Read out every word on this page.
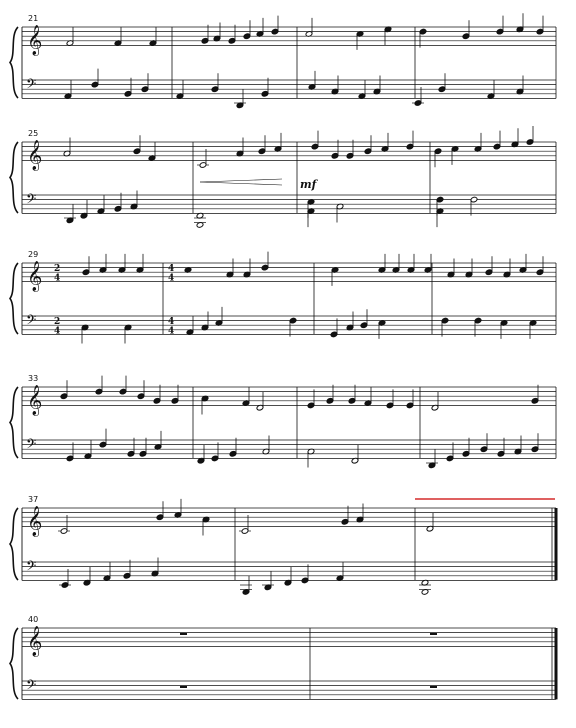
𝄞
𝄢
21
𝄞
𝄢
25
mf
𝄞
𝄢
29
2
4
2
4
4
4
4
4
𝄞
𝄢
33
𝄞
𝄢
37
𝄞
𝄢
40
